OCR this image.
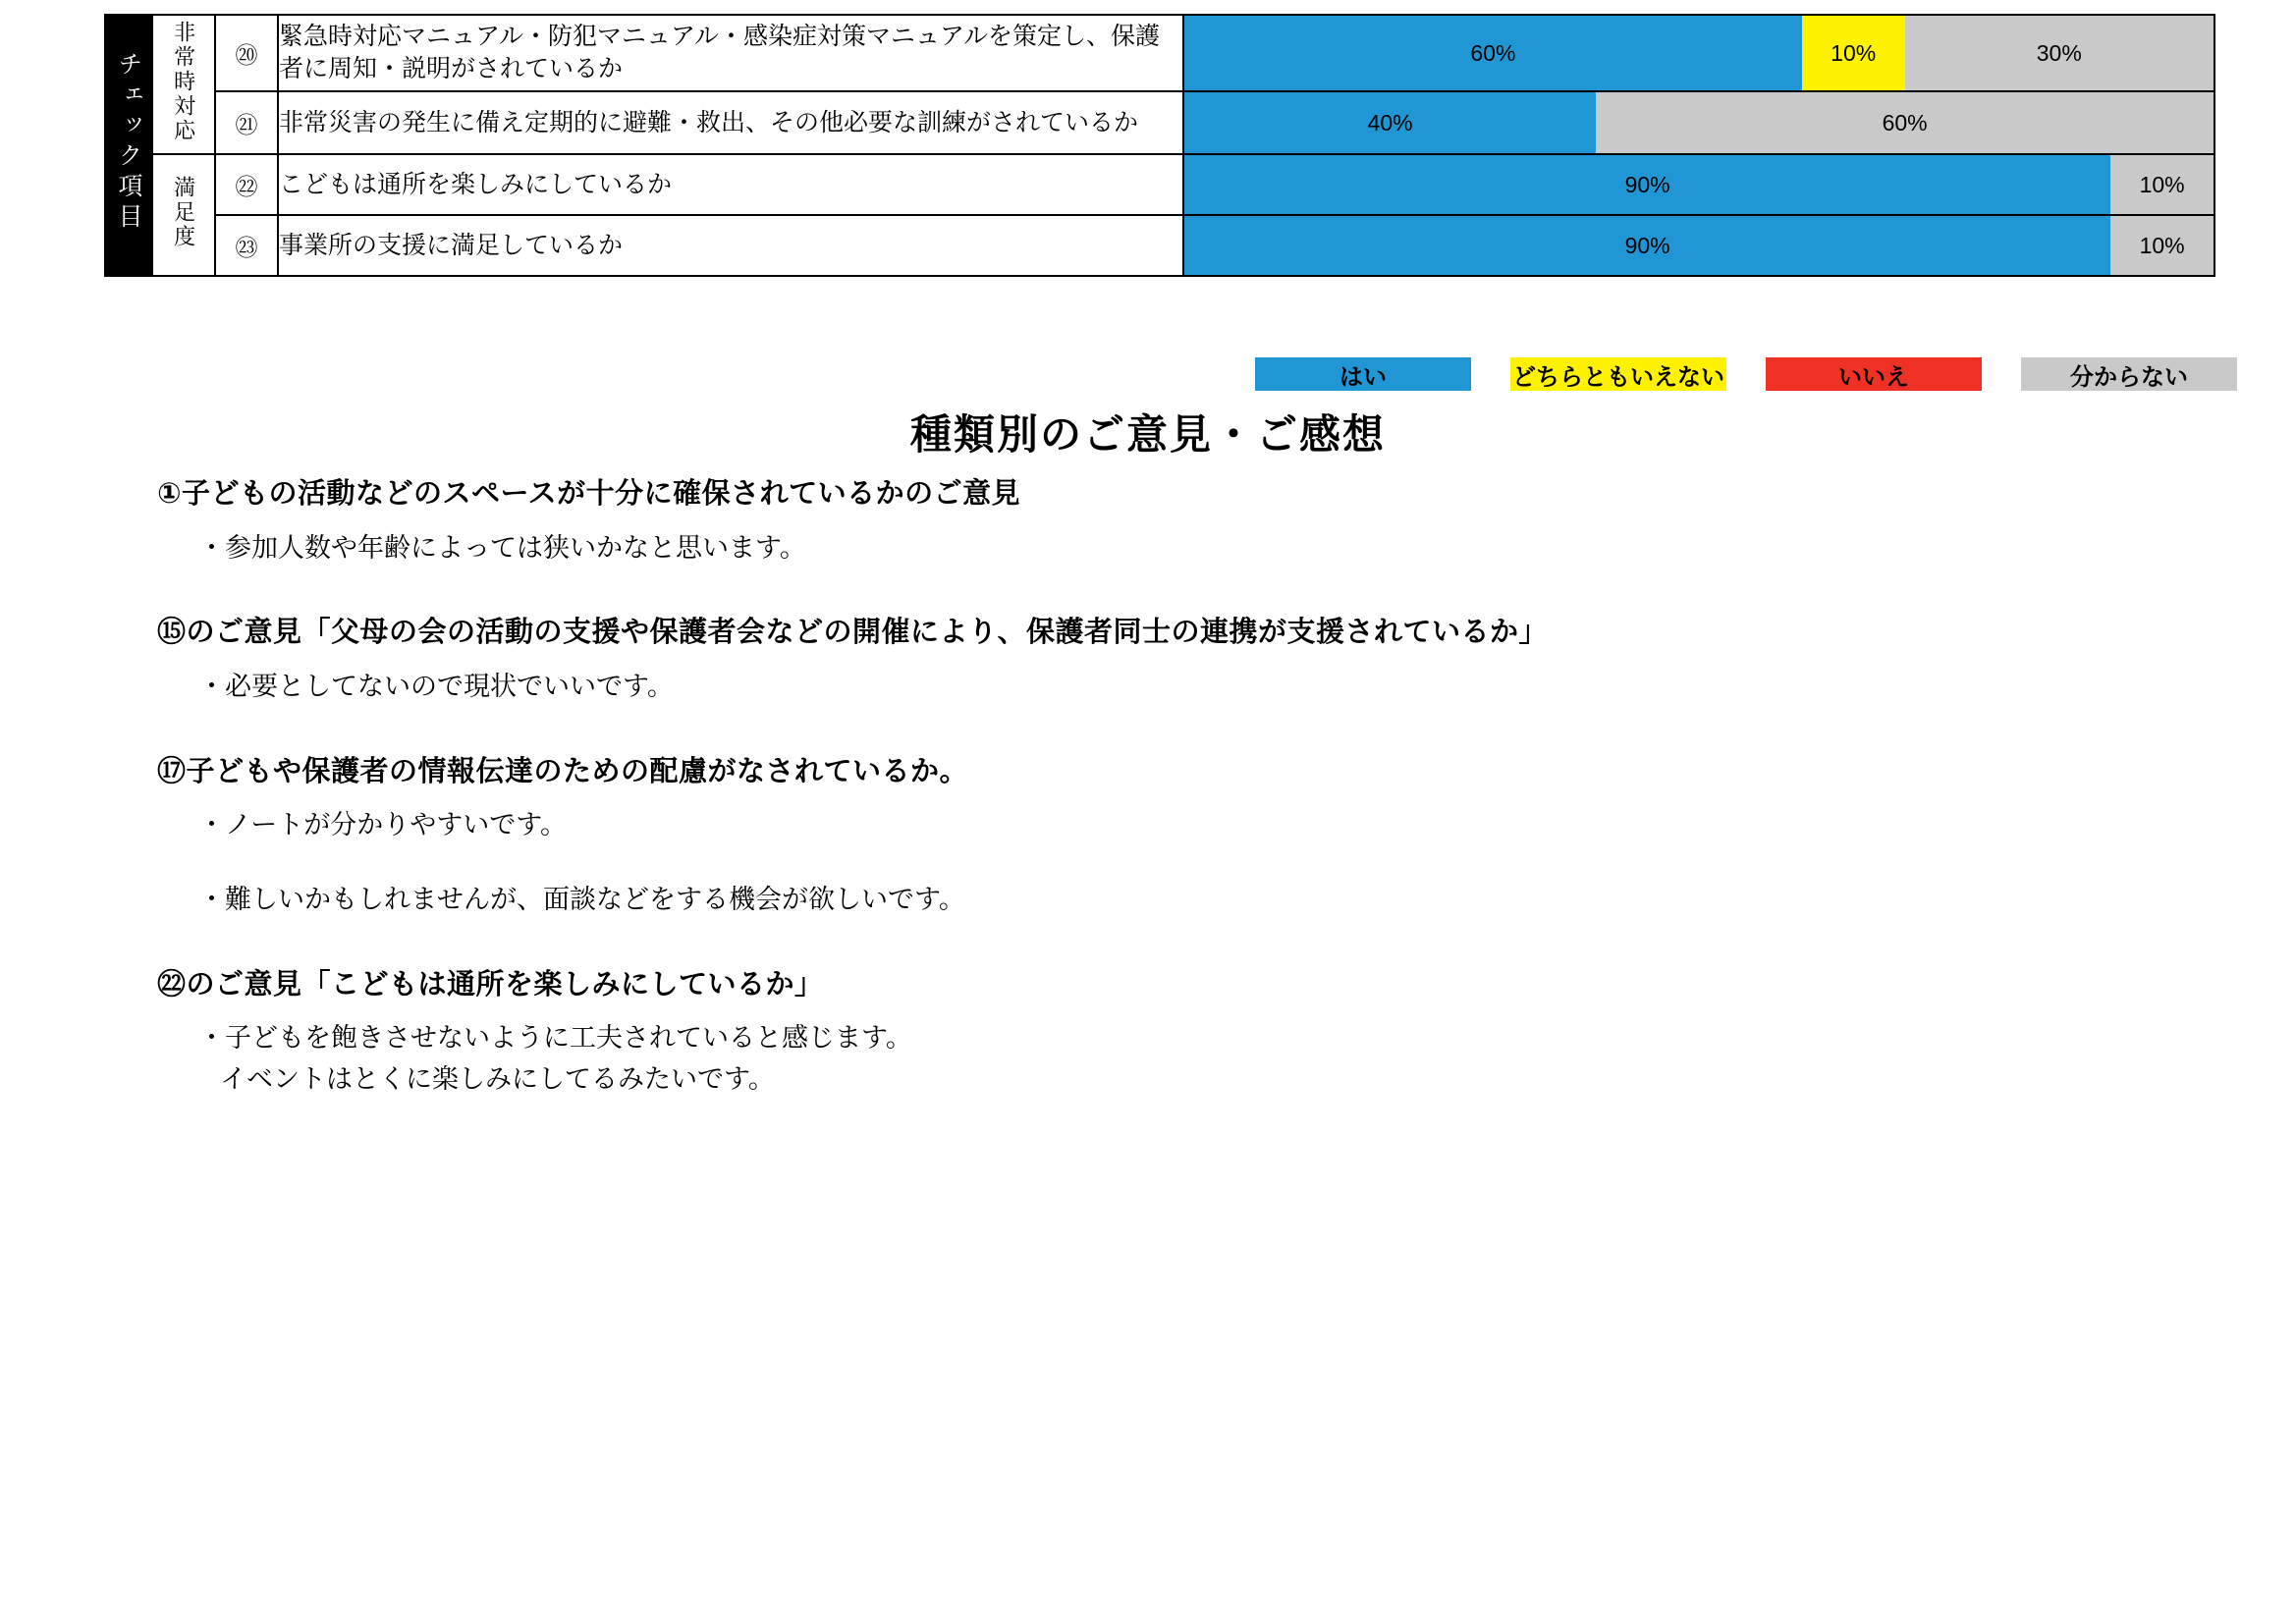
チェック項目	非常時対応	⑳	緊急時対応マニュアル・防犯マニュアル・感染症対策マニュアルを策定し、保護者に周知・説明がされているか	60% 10% 30%

		㉑	非常災害の発生に備え定期的に避難・救出、その他必要な訓練がされているか	40% 60%

	満足度	㉒	こどもは通所を楽しみにしているか	90% 10%

		㉓	事業所の支援に満足しているか	90% 10%
はい	どちらともいえない	いいえ	分からない
種類別のご意見・ご感想
①子どもの活動などのスペースが十分に確保されているかのご意見
・参加人数や年齢によっては狭いかなと思います。
⑮のご意見「父母の会の活動の支援や保護者会などの開催により、保護者同士の連携が支援されているか」
・必要としてないので現状でいいです。
⑰子どもや保護者の情報伝達のための配慮がなされているか。
・ノートが分かりやすいです。
・難しいかもしれませんが、面談などをする機会が欲しいです。
㉒のご意見「こどもは通所を楽しみにしているか」
・子どもを飽きさせないように工夫されていると感じます。
イベントはとくに楽しみにしてるみたいです。
